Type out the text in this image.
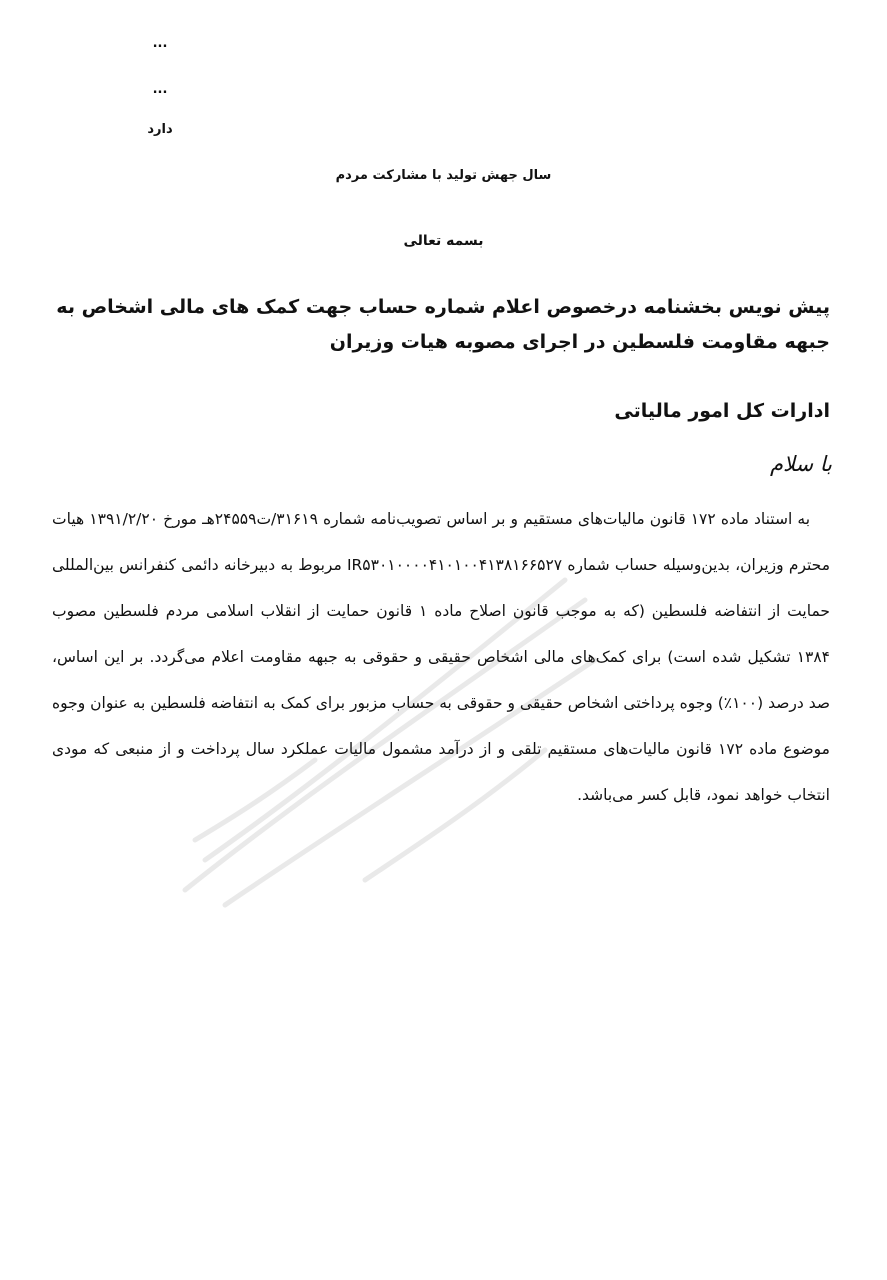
...
...
دارد
سال جهش تولید با مشارکت مردم
بسمه تعالی
پیش نویس بخشنامه درخصوص اعلام شماره حساب جهت کمک های مالی اشخاص به جبهه مقاومت فلسطین در اجرای مصوبه هیات وزیران
ادارات کل امور مالیاتی
با سلام

به استناد ماده ۱۷۲ قانون مالیات‌های مستقیم و بر اساس تصویب‌نامه شماره ۳۱۶۱۹/ت۲۴۵۵۹هـ مورخ ۱۳۹۱/۲/۲۰ هیات محترم وزیران، بدین‌وسیله حساب شماره IR۵۳۰۱۰۰۰۰۴۱۰۱۰۰۴۱۳۸۱۶۶۵۲۷ مربوط به دبیرخانه دائمی کنفرانس بین‌المللی حمایت از انتفاضه فلسطین (که به موجب قانون اصلاح ماده ۱ قانون حمایت از انقلاب اسلامی مردم فلسطین مصوب ۱۳۸۴ تشکیل شده است) برای کمک‌های مالی اشخاص حقیقی و حقوقی به جبهه مقاومت اعلام می‌گردد. بر این اساس، صد درصد (۱۰۰٪) وجوه پرداختی اشخاص حقیقی و حقوقی به حساب مزبور برای کمک به انتفاضه فلسطین به عنوان وجوه موضوع ماده ۱۷۲ قانون مالیات‌های مستقیم تلقی و از درآمد مشمول مالیات عملکرد سال پرداخت و از منبعی که مودی انتخاب خواهد نمود، قابل کسر می‌باشد.
